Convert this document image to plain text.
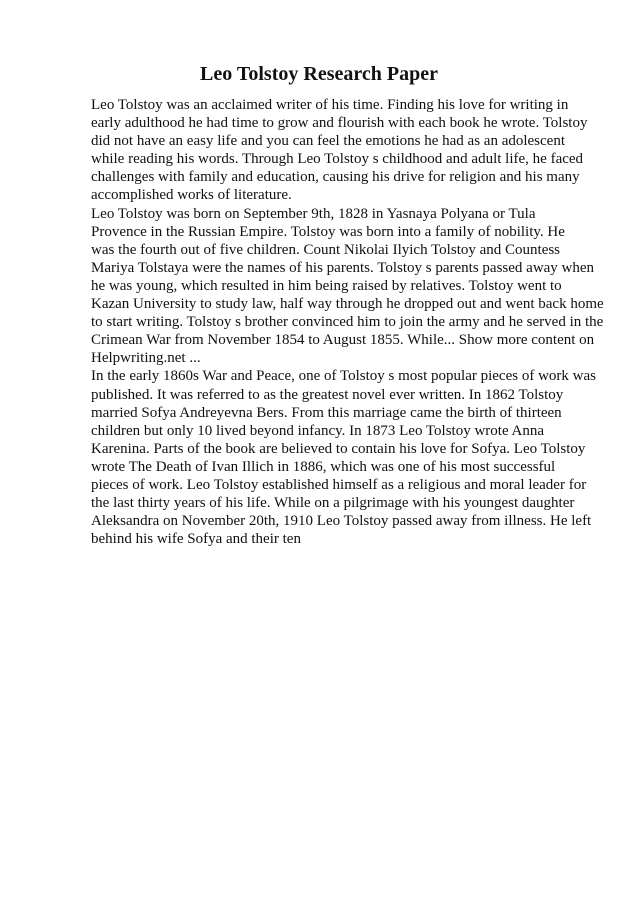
Leo Tolstoy Research Paper

Leo Tolstoy was an acclaimed writer of his time. Finding his love for writing in
early adulthood he had time to grow and flourish with each book he wrote. Tolstoy
did not have an easy life and you can feel the emotions he had as an adolescent
while reading his words. Through Leo Tolstoy s childhood and adult life, he faced
challenges with family and education, causing his drive for religion and his many
accomplished works of literature.

Leo Tolstoy was born on September 9th, 1828 in Yasnaya Polyana or Tula
Provence in the Russian Empire. Tolstoy was born into a family of nobility. He
was the fourth out of five children. Count Nikolai Ilyich Tolstoy and Countess
Mariya Tolstaya were the names of his parents. Tolstoy s parents passed away when
he was young, which resulted in him being raised by relatives. Tolstoy went to
Kazan University to study law, half way through he dropped out and went back home
to start writing. Tolstoy s brother convinced him to join the army and he served in the
Crimean War from November 1854 to August 1855. While... Show more content on
Helpwriting.net ...

In the early 1860s War and Peace, one of Tolstoy s most popular pieces of work was
published. It was referred to as the greatest novel ever written. In 1862 Tolstoy
married Sofya Andreyevna Bers. From this marriage came the birth of thirteen
children but only 10 lived beyond infancy. In 1873 Leo Tolstoy wrote Anna
Karenina. Parts of the book are believed to contain his love for Sofya. Leo Tolstoy
wrote The Death of Ivan Illich in 1886, which was one of his most successful
pieces of work. Leo Tolstoy established himself as a religious and moral leader for
the last thirty years of his life. While on a pilgrimage with his youngest daughter
Aleksandra on November 20th, 1910 Leo Tolstoy passed away from illness. He left
behind his wife Sofya and their ten
